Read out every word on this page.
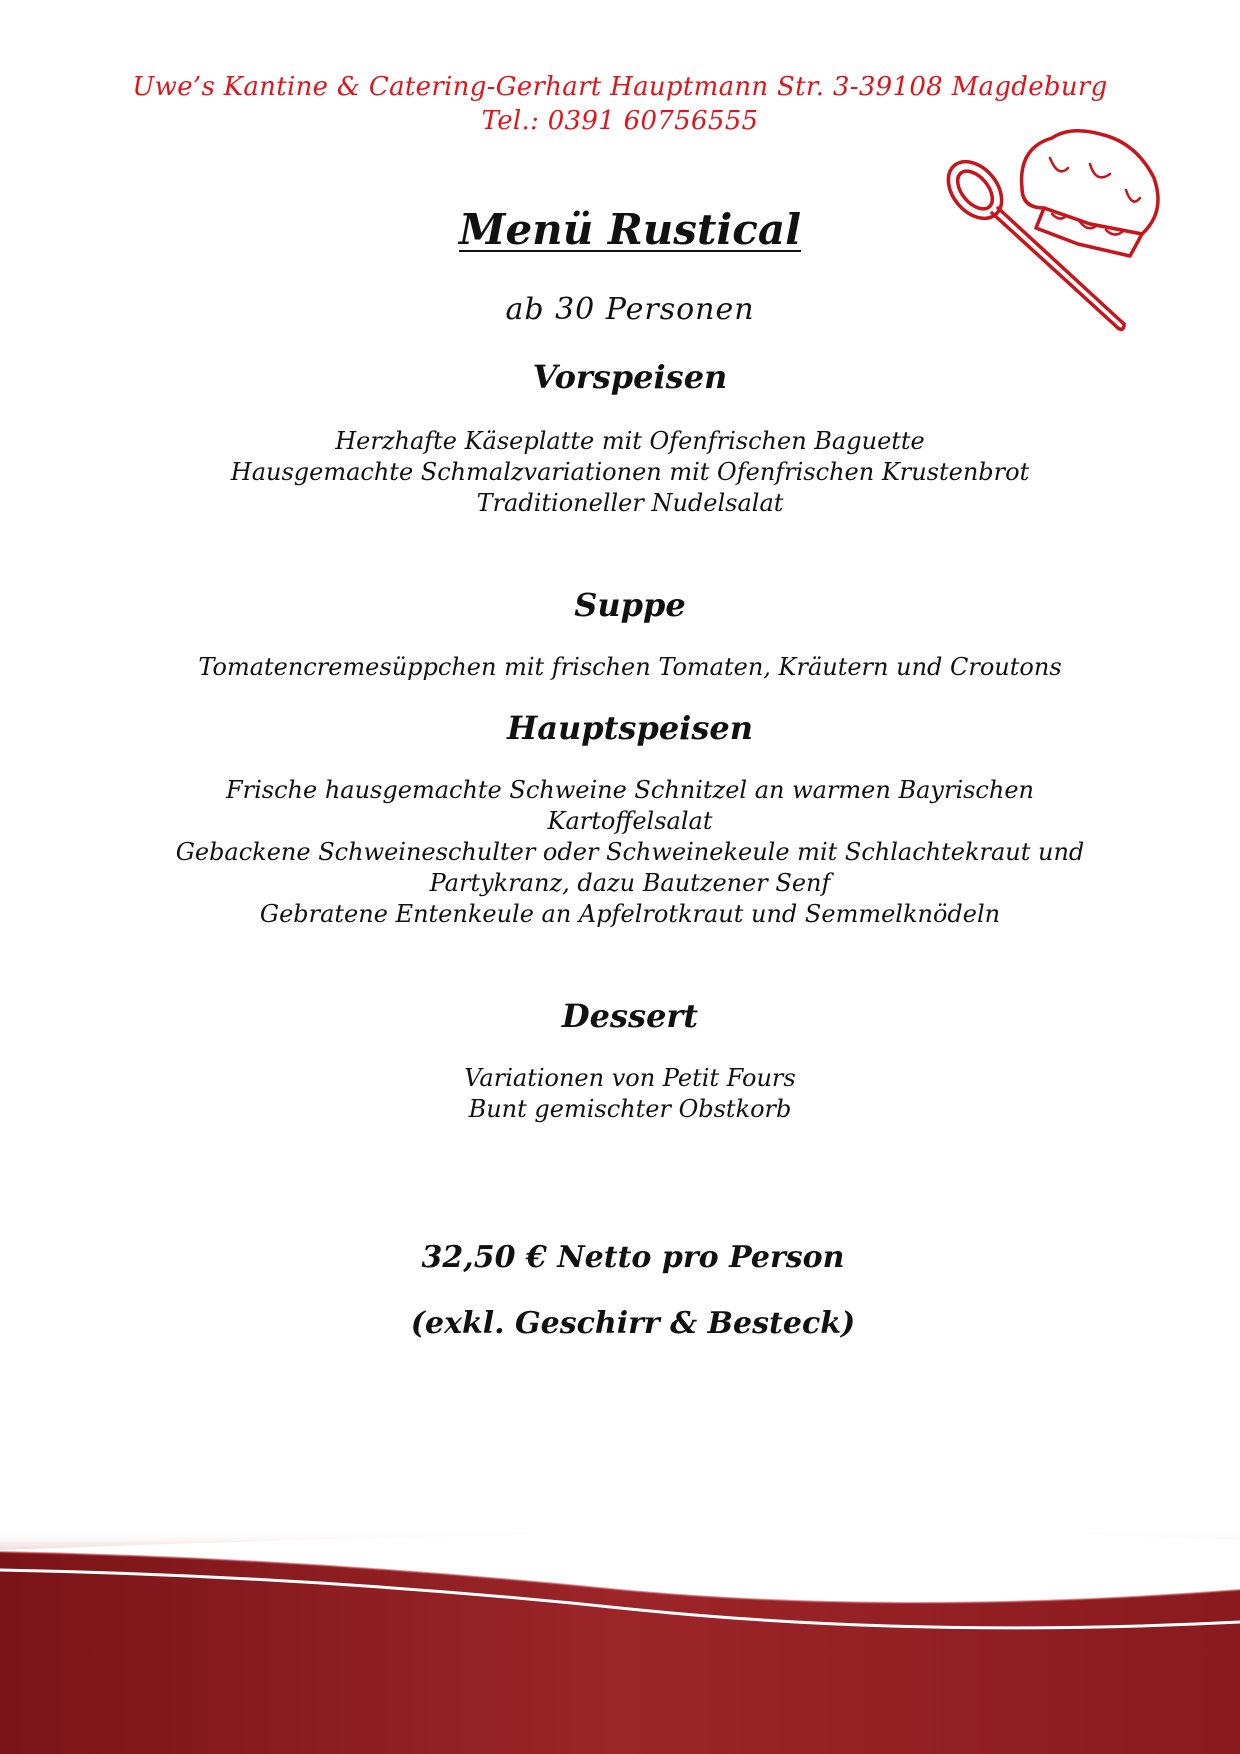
Uwe’s Kantine & Catering-Gerhart Hauptmann Str. 3-39108 Magdeburg
Tel.: 0391 60756555
Menü Rustical
ab 30 Personen
Vorspeisen
Herzhafte Käseplatte mit Ofenfrischen Baguette
Hausgemachte Schmalzvariationen mit Ofenfrischen Krustenbrot
Traditioneller Nudelsalat
Suppe
Tomatencremesüppchen mit frischen Tomaten, Kräutern und Croutons
Hauptspeisen
Frische hausgemachte Schweine Schnitzel an warmen Bayrischen
Kartoffelsalat
Gebackene Schweineschulter oder Schweinekeule mit Schlachtekraut und
Partykranz, dazu Bautzener Senf
Gebratene Entenkeule an Apfelrotkraut und Semmelknödeln
Dessert
Variationen von Petit Fours
Bunt gemischter Obstkorb
32,50 € Netto pro Person
(exkl. Geschirr & Besteck)
